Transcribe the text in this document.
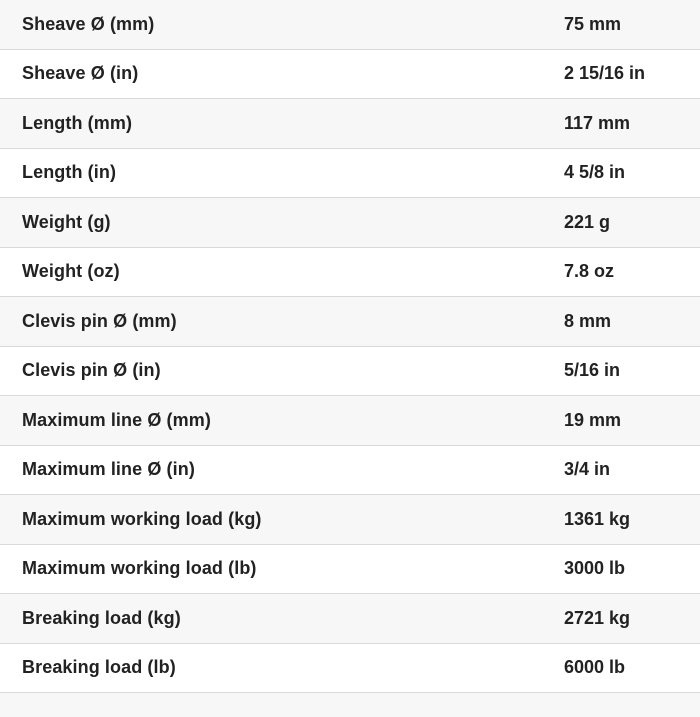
Sheave Ø (mm)	75 mm
Sheave Ø (in)	2 15/16 in
Length (mm)	117 mm
Length (in)	4 5/8 in
Weight (g)	221 g
Weight (oz)	7.8 oz
Clevis pin Ø (mm)	8 mm
Clevis pin Ø (in)	5/16 in
Maximum line Ø (mm)	19 mm
Maximum line Ø (in)	3/4 in
Maximum working load (kg)	1361 kg
Maximum working load (lb)	3000 lb
Breaking load (kg)	2721 kg
Breaking load (lb)	6000 lb
